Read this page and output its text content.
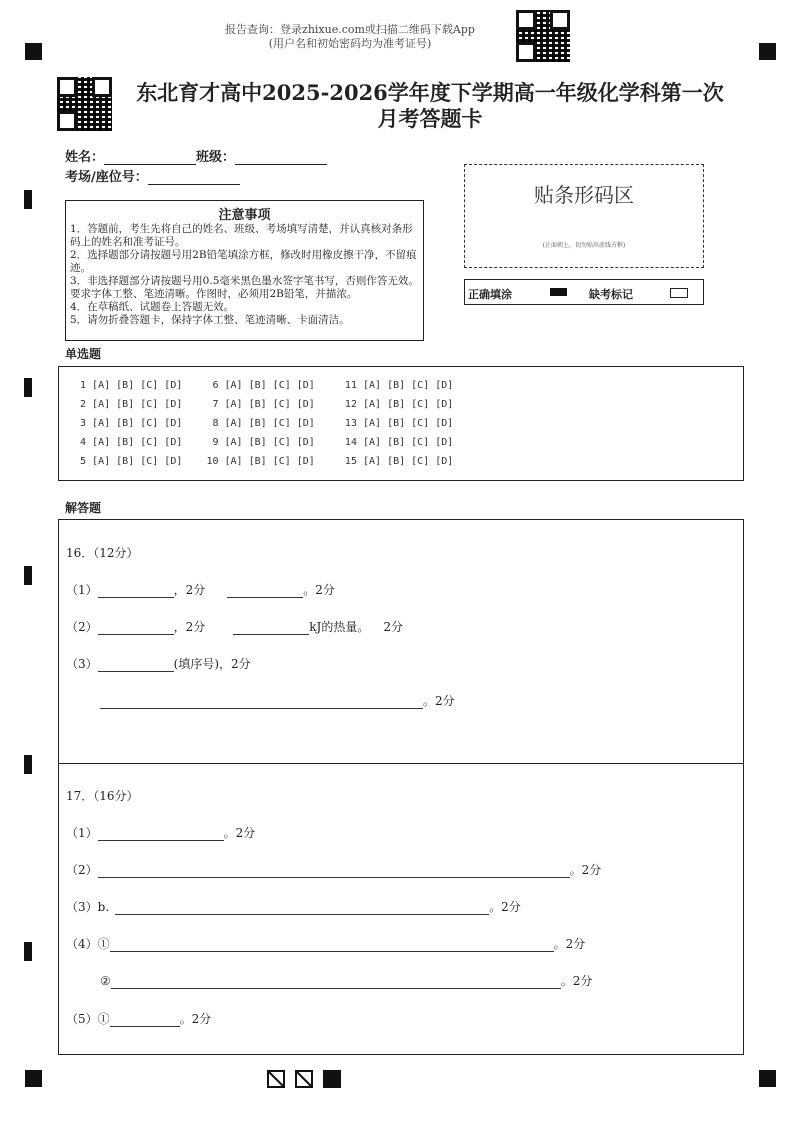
报告查询：登录zhixue.com或扫描二维码下载App
(用户名和初始密码均为准考证号)
东北育才高中2025-2026学年度下学期高一年级化学科第一次
月考答题卡
姓名：	班级：
考场/座位号：
注意事项
1．答题前，考生先将自己的姓名、班级、考场填写清楚，并认真核对条形码上的姓名和准考证号。
2．选择题部分请按题号用2B铅笔填涂方框，修改时用橡皮擦干净，不留痕迹。
3．非选择题部分请按题号用0.5毫米黑色墨水签字笔书写，否则作答无效。要求字体工整、笔迹清晰。作图时，必须用2B铅笔，并描浓。
4．在草稿纸、试题卷上答题无效。
5．请勿折叠答题卡，保持字体工整、笔迹清晰、卡面清洁。
贴条形码区
(正面朝上，切勿贴出虚线方框)
正确填涂	缺考标记
单选题
1 [A] [B] [C] [D]     6 [A] [B] [C] [D]     11 [A] [B] [C] [D]
2 [A] [B] [C] [D]     7 [A] [B] [C] [D]     12 [A] [B] [C] [D]
3 [A] [B] [C] [D]     8 [A] [B] [C] [D]     13 [A] [B] [C] [D]
4 [A] [B] [C] [D]     9 [A] [B] [C] [D]     14 [A] [B] [C] [D]
5 [A] [B] [C] [D]    10 [A] [B] [C] [D]     15 [A] [B] [C] [D]
解答题
16．（12分）
（1）	，2分	。2分
（2）	，2分	kJ的热量。 2分
（3）	(填序号)，2分
。2分
17．（16分）
（1）	。2分
（2）	。2分
（3）b.	。2分
（4）①	。2分
②	。2分
（5）①	。2分
